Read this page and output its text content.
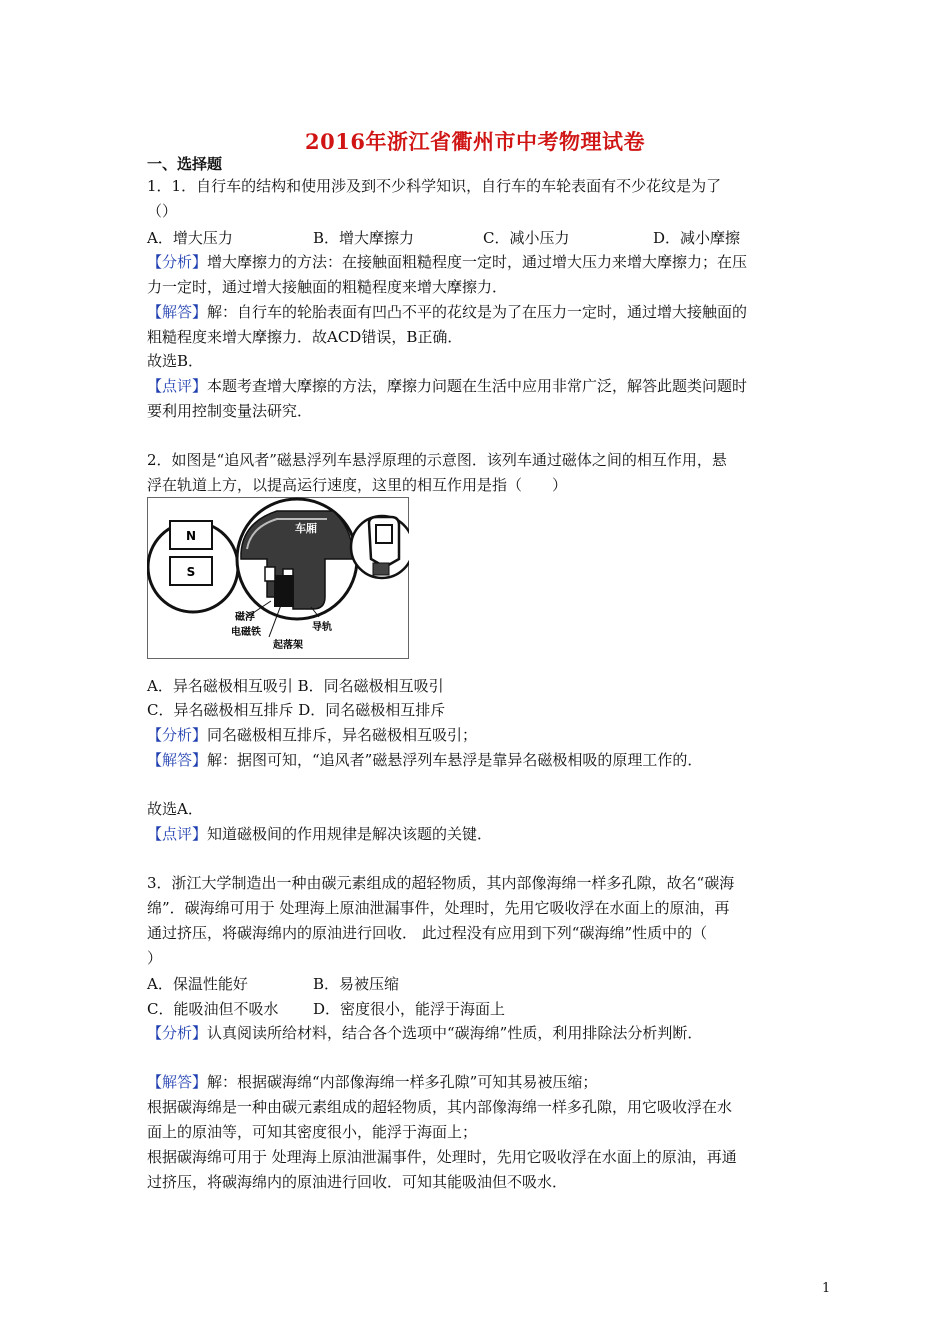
2016年浙江省衢州市中考物理试卷
一、选择题
1．1．自行车的结构和使用涉及到不少科学知识，自行车的车轮表面有不少花纹是为了
（）
A．增大压力	B．增大摩擦力	C．减小压力	D．减小摩擦
【分析】增大摩擦力的方法：在接触面粗糙程度一定时，通过增大压力来增大摩擦力；在压
力一定时，通过增大接触面的粗糙程度来增大摩擦力．
【解答】解：自行车的轮胎表面有凹凸不平的花纹是为了在压力一定时，通过增大接触面的
粗糙程度来增大摩擦力．故ACD错误，B正确．
故选B．
【点评】本题考查增大摩擦的方法，摩擦力问题在生活中应用非常广泛，解答此题类问题时
要利用控制变量法研究．
2．如图是“追风者”磁悬浮列车悬浮原理的示意图．该列车通过磁体之间的相互作用，悬
浮在轨道上方，以提高运行速度，这里的相互作用是指（　　）
N
S
车厢
磁浮
电磁铁
起落架
导轨
A．异名磁极相互吸引 B．同名磁极相互吸引
C．异名磁极相互排斥 D．同名磁极相互排斥
【分析】同名磁极相互排斥，异名磁极相互吸引；
【解答】解：据图可知，“追风者”磁悬浮列车悬浮是靠异名磁极相吸的原理工作的．
故选A．
【点评】知道磁极间的作用规律是解决该题的关键．
3．浙江大学制造出一种由碳元素组成的超轻物质，其内部像海绵一样多孔隙，故名“碳海
绵”．碳海绵可用于 处理海上原油泄漏事件，处理时，先用它吸收浮在水面上的原油，再
通过挤压，将碳海绵内的原油进行回收． 此过程没有应用到下列“碳海绵”性质中的（
）
A．保温性能好	B．易被压缩
C．能吸油但不吸水 D．密度很小，能浮于海面上
【分析】认真阅读所给材料，结合各个选项中“碳海绵”性质，利用排除法分析判断．
【解答】解：根据碳海绵“内部像海绵一样多孔隙”可知其易被压缩；
根据碳海绵是一种由碳元素组成的超轻物质，其内部像海绵一样多孔隙，用它吸收浮在水
面上的原油等，可知其密度很小，能浮于海面上；
根据碳海绵可用于 处理海上原油泄漏事件，处理时，先用它吸收浮在水面上的原油，再通
过挤压，将碳海绵内的原油进行回收．可知其能吸油但不吸水．
1
